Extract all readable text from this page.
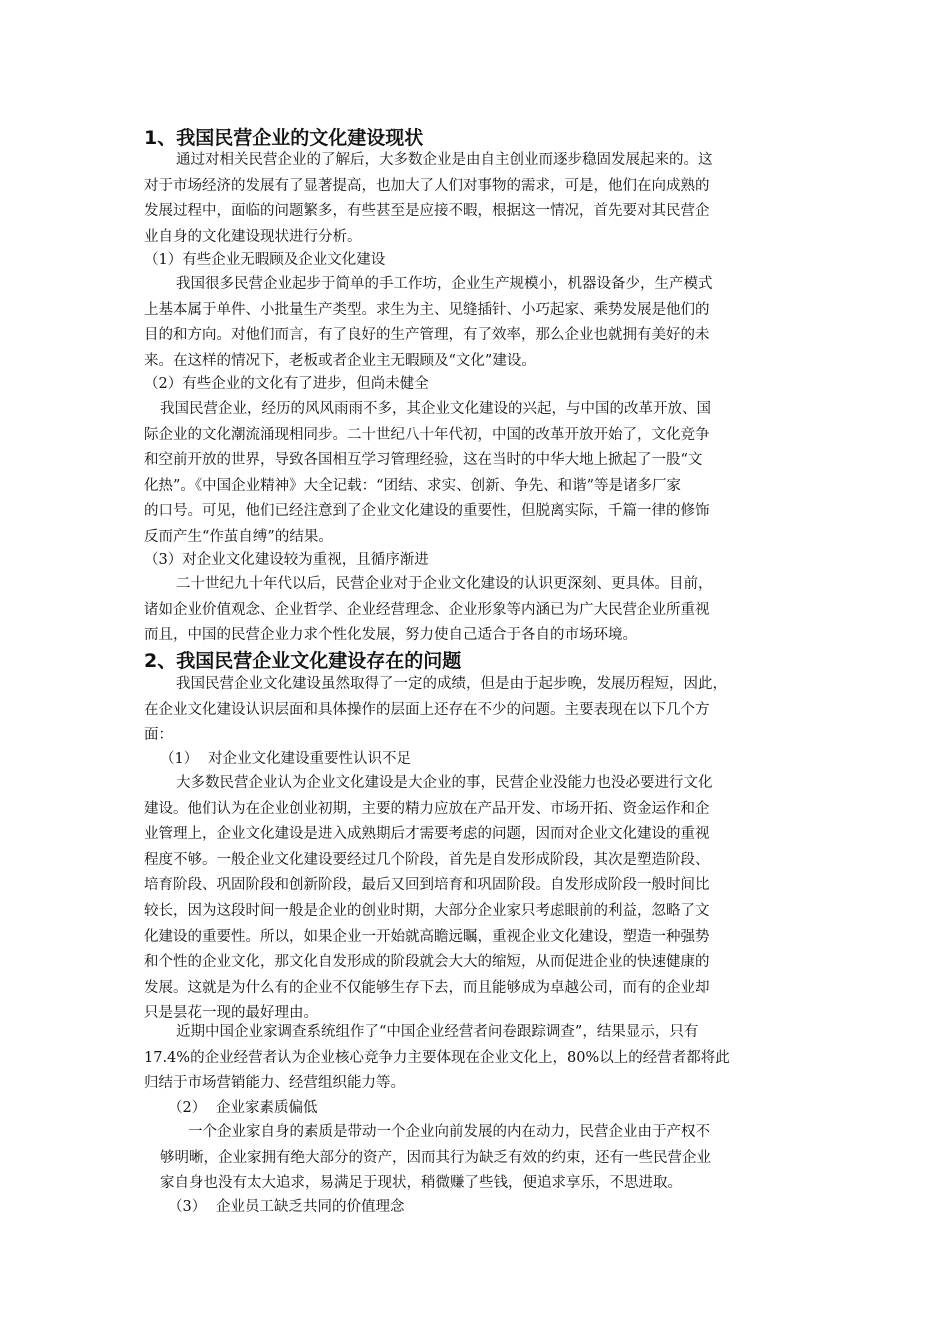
1、我国民营企业的文化建设现状
通过对相关民营企业的了解后，大多数企业是由自主创业而逐步稳固发展起来的。这
对于市场经济的发展有了显著提高，也加大了人们对事物的需求，可是，他们在向成熟的
发展过程中，面临的问题繁多，有些甚至是应接不暇，根据这一情况，首先要对其民营企
业自身的文化建设现状进行分析。
（1）有些企业无暇顾及企业文化建设
我国很多民营企业起步于简单的手工作坊，企业生产规模小，机器设备少，生产模式
上基本属于单件、小批量生产类型。求生为主、见缝插针、小巧起家、乘势发展是他们的
目的和方向。对他们而言，有了良好的生产管理，有了效率，那么企业也就拥有美好的未
来。在这样的情况下，老板或者企业主无暇顾及“文化”建设。
（2）有些企业的文化有了进步，但尚未健全
我国民营企业，经历的风风雨雨不多，其企业文化建设的兴起，与中国的改革开放、国
际企业的文化潮流涌现相同步。二十世纪八十年代初，中国的改革开放开始了，文化竞争
和空前开放的世界，导致各国相互学习管理经验，这在当时的中华大地上掀起了一股“文
化热”。《中国企业精神》大全记载：“团结、求实、创新、争先、和谐”等是诸多厂家
的口号。可见，他们已经注意到了企业文化建设的重要性，但脱离实际，千篇一律的修饰
反而产生“作茧自缚”的结果。
（3）对企业文化建设较为重视，且循序渐进
二十世纪九十年代以后，民营企业对于企业文化建设的认识更深刻、更具体。目前，
诸如企业价值观念、企业哲学、企业经营理念、企业形象等内涵已为广大民营企业所重视
而且，中国的民营企业力求个性化发展，努力使自己适合于各自的市场环境。
2、我国民营企业文化建设存在的问题
我国民营企业文化建设虽然取得了一定的成绩，但是由于起步晚，发展历程短，因此，
在企业文化建设认识层面和具体操作的层面上还存在不少的问题。主要表现在以下几个方
面：
（1） 对企业文化建设重要性认识不足
大多数民营企业认为企业文化建设是大企业的事，民营企业没能力也没必要进行文化
建设。他们认为在企业创业初期，主要的精力应放在产品开发、市场开拓、资金运作和企
业管理上，企业文化建设是进入成熟期后才需要考虑的问题，因而对企业文化建设的重视
程度不够。一般企业文化建设要经过几个阶段，首先是自发形成阶段，其次是塑造阶段、
培育阶段、巩固阶段和创新阶段，最后又回到培育和巩固阶段。自发形成阶段一般时间比
较长，因为这段时间一般是企业的创业时期，大部分企业家只考虑眼前的利益，忽略了文
化建设的重要性。所以，如果企业一开始就高瞻远瞩，重视企业文化建设，塑造一种强势
和个性的企业文化，那文化自发形成的阶段就会大大的缩短，从而促进企业的快速健康的
发展。这就是为什么有的企业不仅能够生存下去，而且能够成为卓越公司，而有的企业却
只是昙花一现的最好理由。
近期中国企业家调查系统组作了“中国企业经营者问卷跟踪调查”，结果显示，只有
17.4%的企业经营者认为企业核心竞争力主要体现在企业文化上，80%以上的经营者都将此
归结于市场营销能力、经营组织能力等。
（2） 企业家素质偏低
一个企业家自身的素质是带动一个企业向前发展的内在动力，民营企业由于产权不
够明晰，企业家拥有绝大部分的资产，因而其行为缺乏有效的约束，还有一些民营企业
家自身也没有太大追求，易满足于现状，稍微赚了些钱，便追求享乐，不思进取。
（3） 企业员工缺乏共同的价值理念
